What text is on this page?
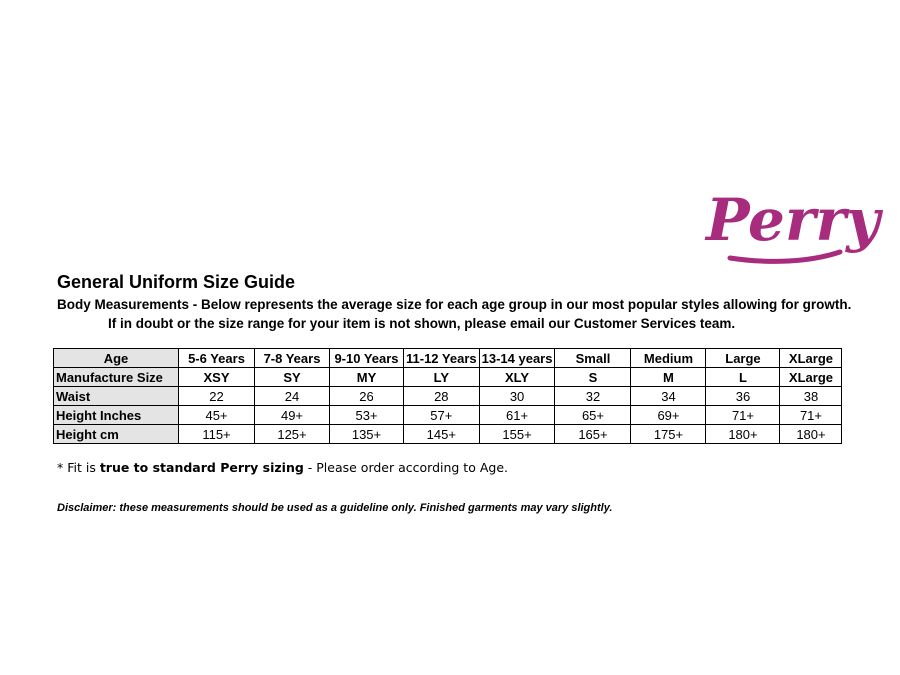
Perry
General Uniform Size Guide
Body Measurements - Below represents the average size for each age group in our most popular styles allowing for growth.
If in doubt or the size range for your item is not shown, please email our Customer Services team.
Age	5-6 Years	7-8 Years	9-10 Years	11-12 Years	13-14 years	Small	Medium	Large	XLarge
Manufacture Size	XSY	SY	MY	LY	XLY	S	M	L	XLarge
Waist	22	24	26	28	30	32	34	36	38
Height Inches	45+	49+	53+	57+	61+	65+	69+	71+	71+
Height cm	115+	125+	135+	145+	155+	165+	175+	180+	180+
* Fit is true to standard Perry sizing - Please order according to Age.
Disclaimer: these measurements should be used as a guideline only. Finished garments may vary slightly.
